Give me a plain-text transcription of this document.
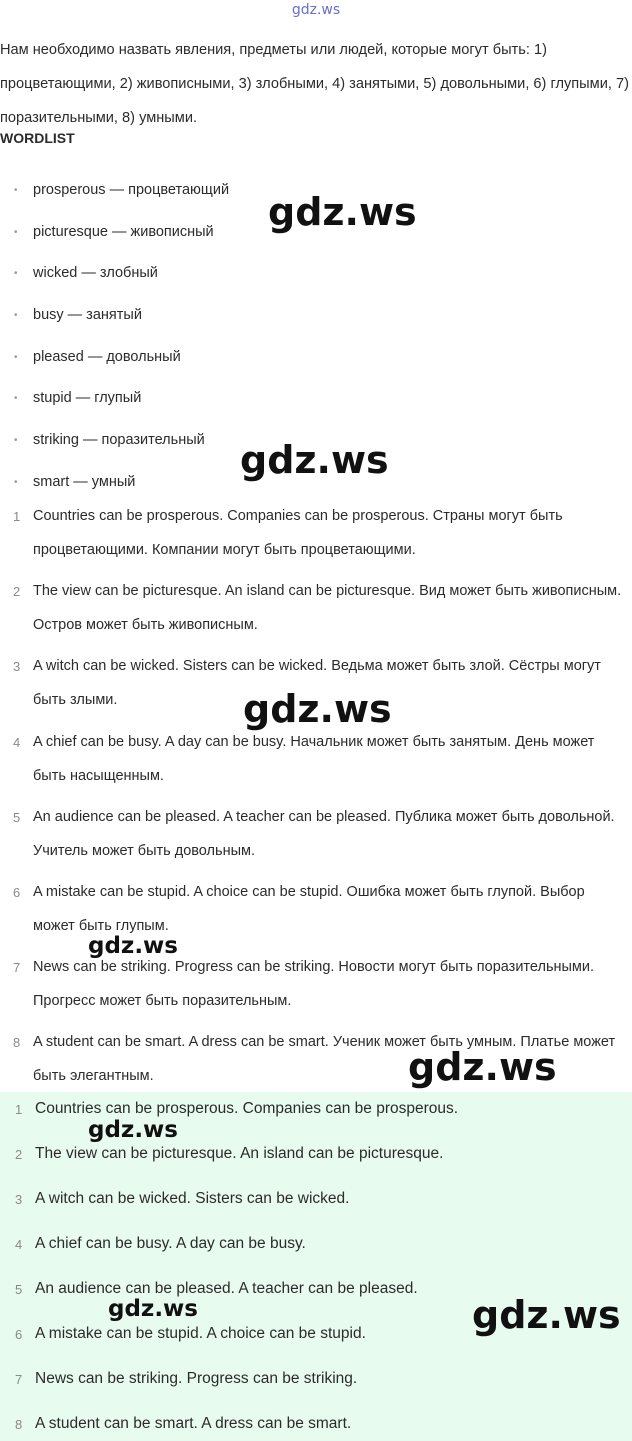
gdz.ws
Нам необходимо назвать явления, предметы или людей, которые могут быть: 1) процветающими, 2) живописными, 3) злобными, 4) занятыми, 5) довольными, 6) глупыми, 7) поразительными, 8) умными.
WORDLIST
•	prosperous — процветающий
•	picturesque — живописный
•	wicked — злобный
•	busy — занятый
•	pleased — довольный
•	stupid — глупый
•	striking — поразительный
•	smart — умный
1 Countries can be prosperous. Companies can be prosperous. Страны могут быть процветающими. Компании могут быть процветающими.
2 The view can be picturesque. An island can be picturesque. Вид может быть живописным. Остров может быть живописным.
3 A witch can be wicked. Sisters can be wicked. Ведьма может быть злой. Сёстры могут быть злыми.
4 A chief can be busy. A day can be busy. Начальник может быть занятым. День может быть насыщенным.
5 An audience can be pleased. A teacher can be pleased. Публика может быть довольной. Учитель может быть довольным.
6 A mistake can be stupid. A choice can be stupid. Ошибка может быть глупой. Выбор может быть глупым.
7 News can be striking. Progress can be striking. Новости могут быть поразительными. Прогресс может быть поразительным.
8 A student can be smart. A dress can be smart. Ученик может быть умным. Платье может быть элегантным.
1 Countries can be prosperous. Companies can be prosperous.
2 The view can be picturesque. An island can be picturesque.
3 A witch can be wicked. Sisters can be wicked.
4 A chief can be busy. A day can be busy.
5 An audience can be pleased. A teacher can be pleased.
6 A mistake can be stupid. A choice can be stupid.
7 News can be striking. Progress can be striking.
8 A student can be smart. A dress can be smart.
gdz.ws
gdz.ws
gdz.ws
gdz.ws
gdz.ws
gdz.ws
gdz.ws	gdz.ws
